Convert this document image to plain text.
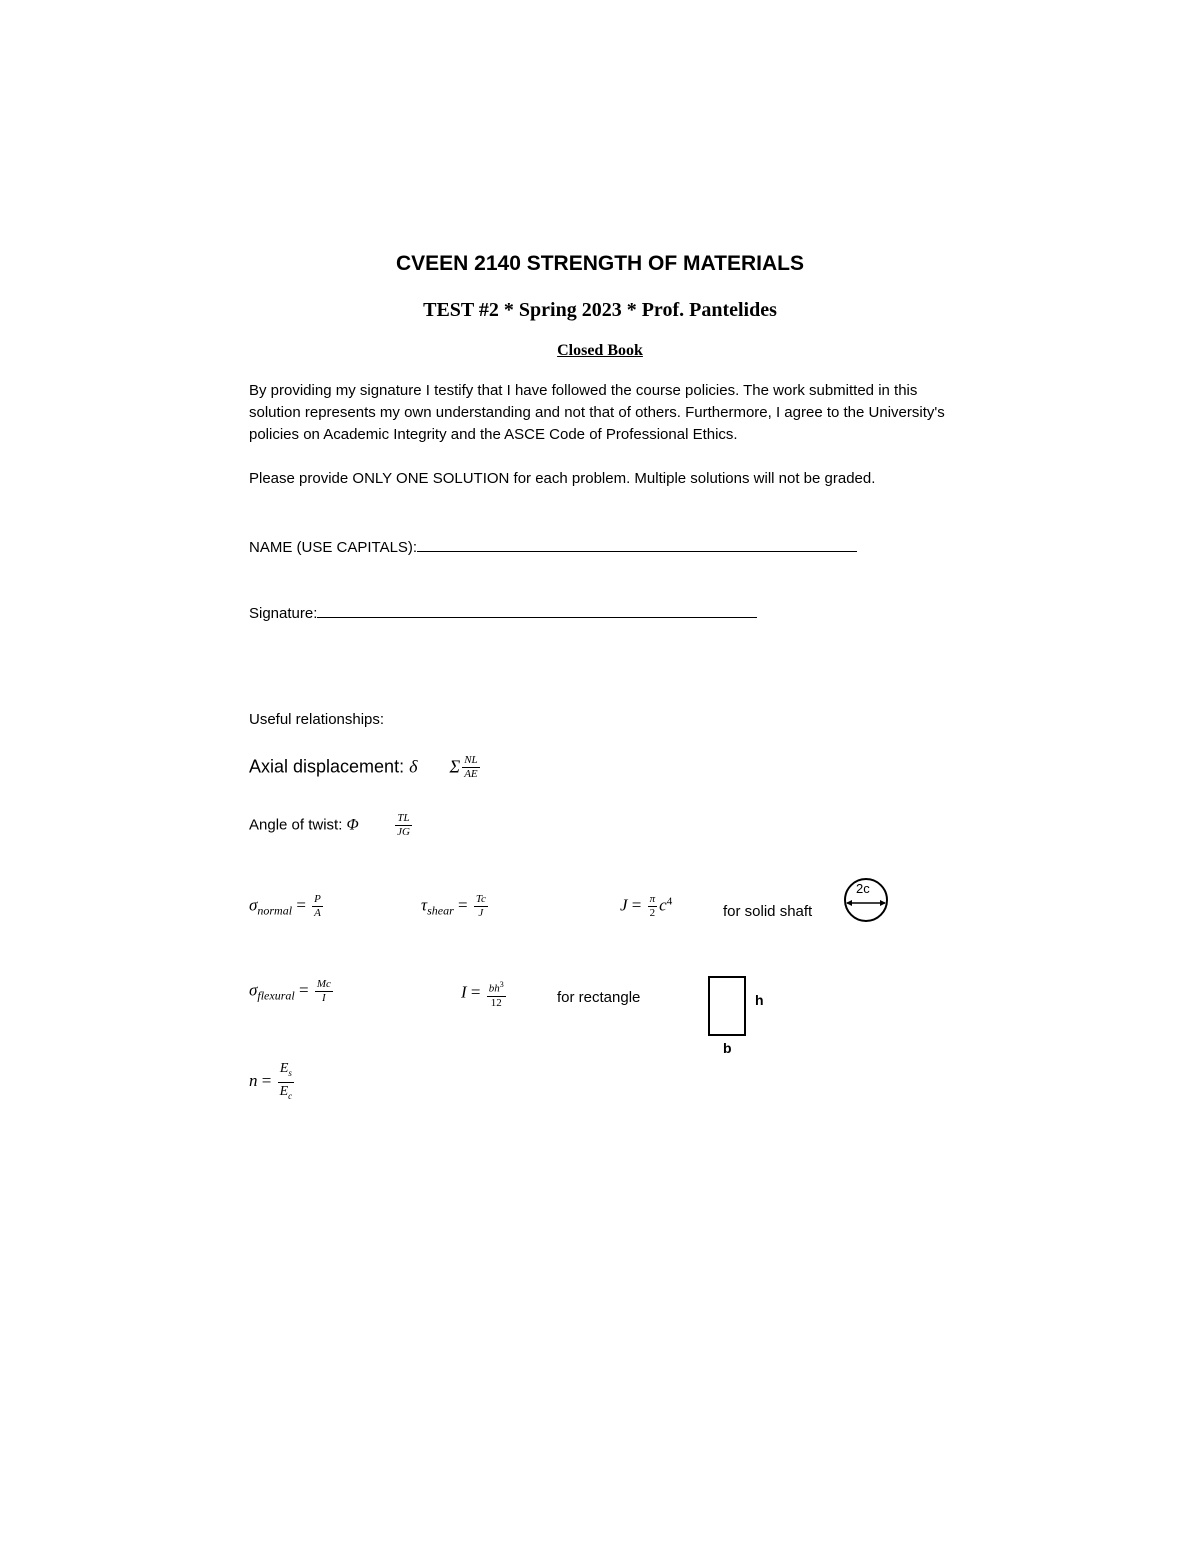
CVEEN 2140 STRENGTH OF MATERIALS
TEST #2 * Spring 2023 * Prof. Pantelides
Closed Book
By providing my signature I testify that I have followed the course policies. The work submitted in this solution represents my own understanding and not that of others. Furthermore, I agree to the University's policies on Academic Integrity and the ASCE Code of Professional Ethics.
Please provide ONLY ONE SOLUTION for each problem. Multiple solutions will not be graded.
NAME (USE CAPITALS):
Signature:
Useful relationships:
Axial displacement: δ Σ $\frac{NL}{AE}$
Angle of twist: Φ	$\frac{TL}{JG}$
$\sigma_{normal} = \frac{P}{A}$	$\tau_{shear} = \frac{Tc}{J}$	$J = \frac{\pi}{2} c^4$
for solid shaft
2c
$\sigma_{flexural} = \frac{Mc}{I}$	$I = \frac{bh^3}{12}$	for rectangle	h
b
$n = \frac{E_s}{E_c}$
